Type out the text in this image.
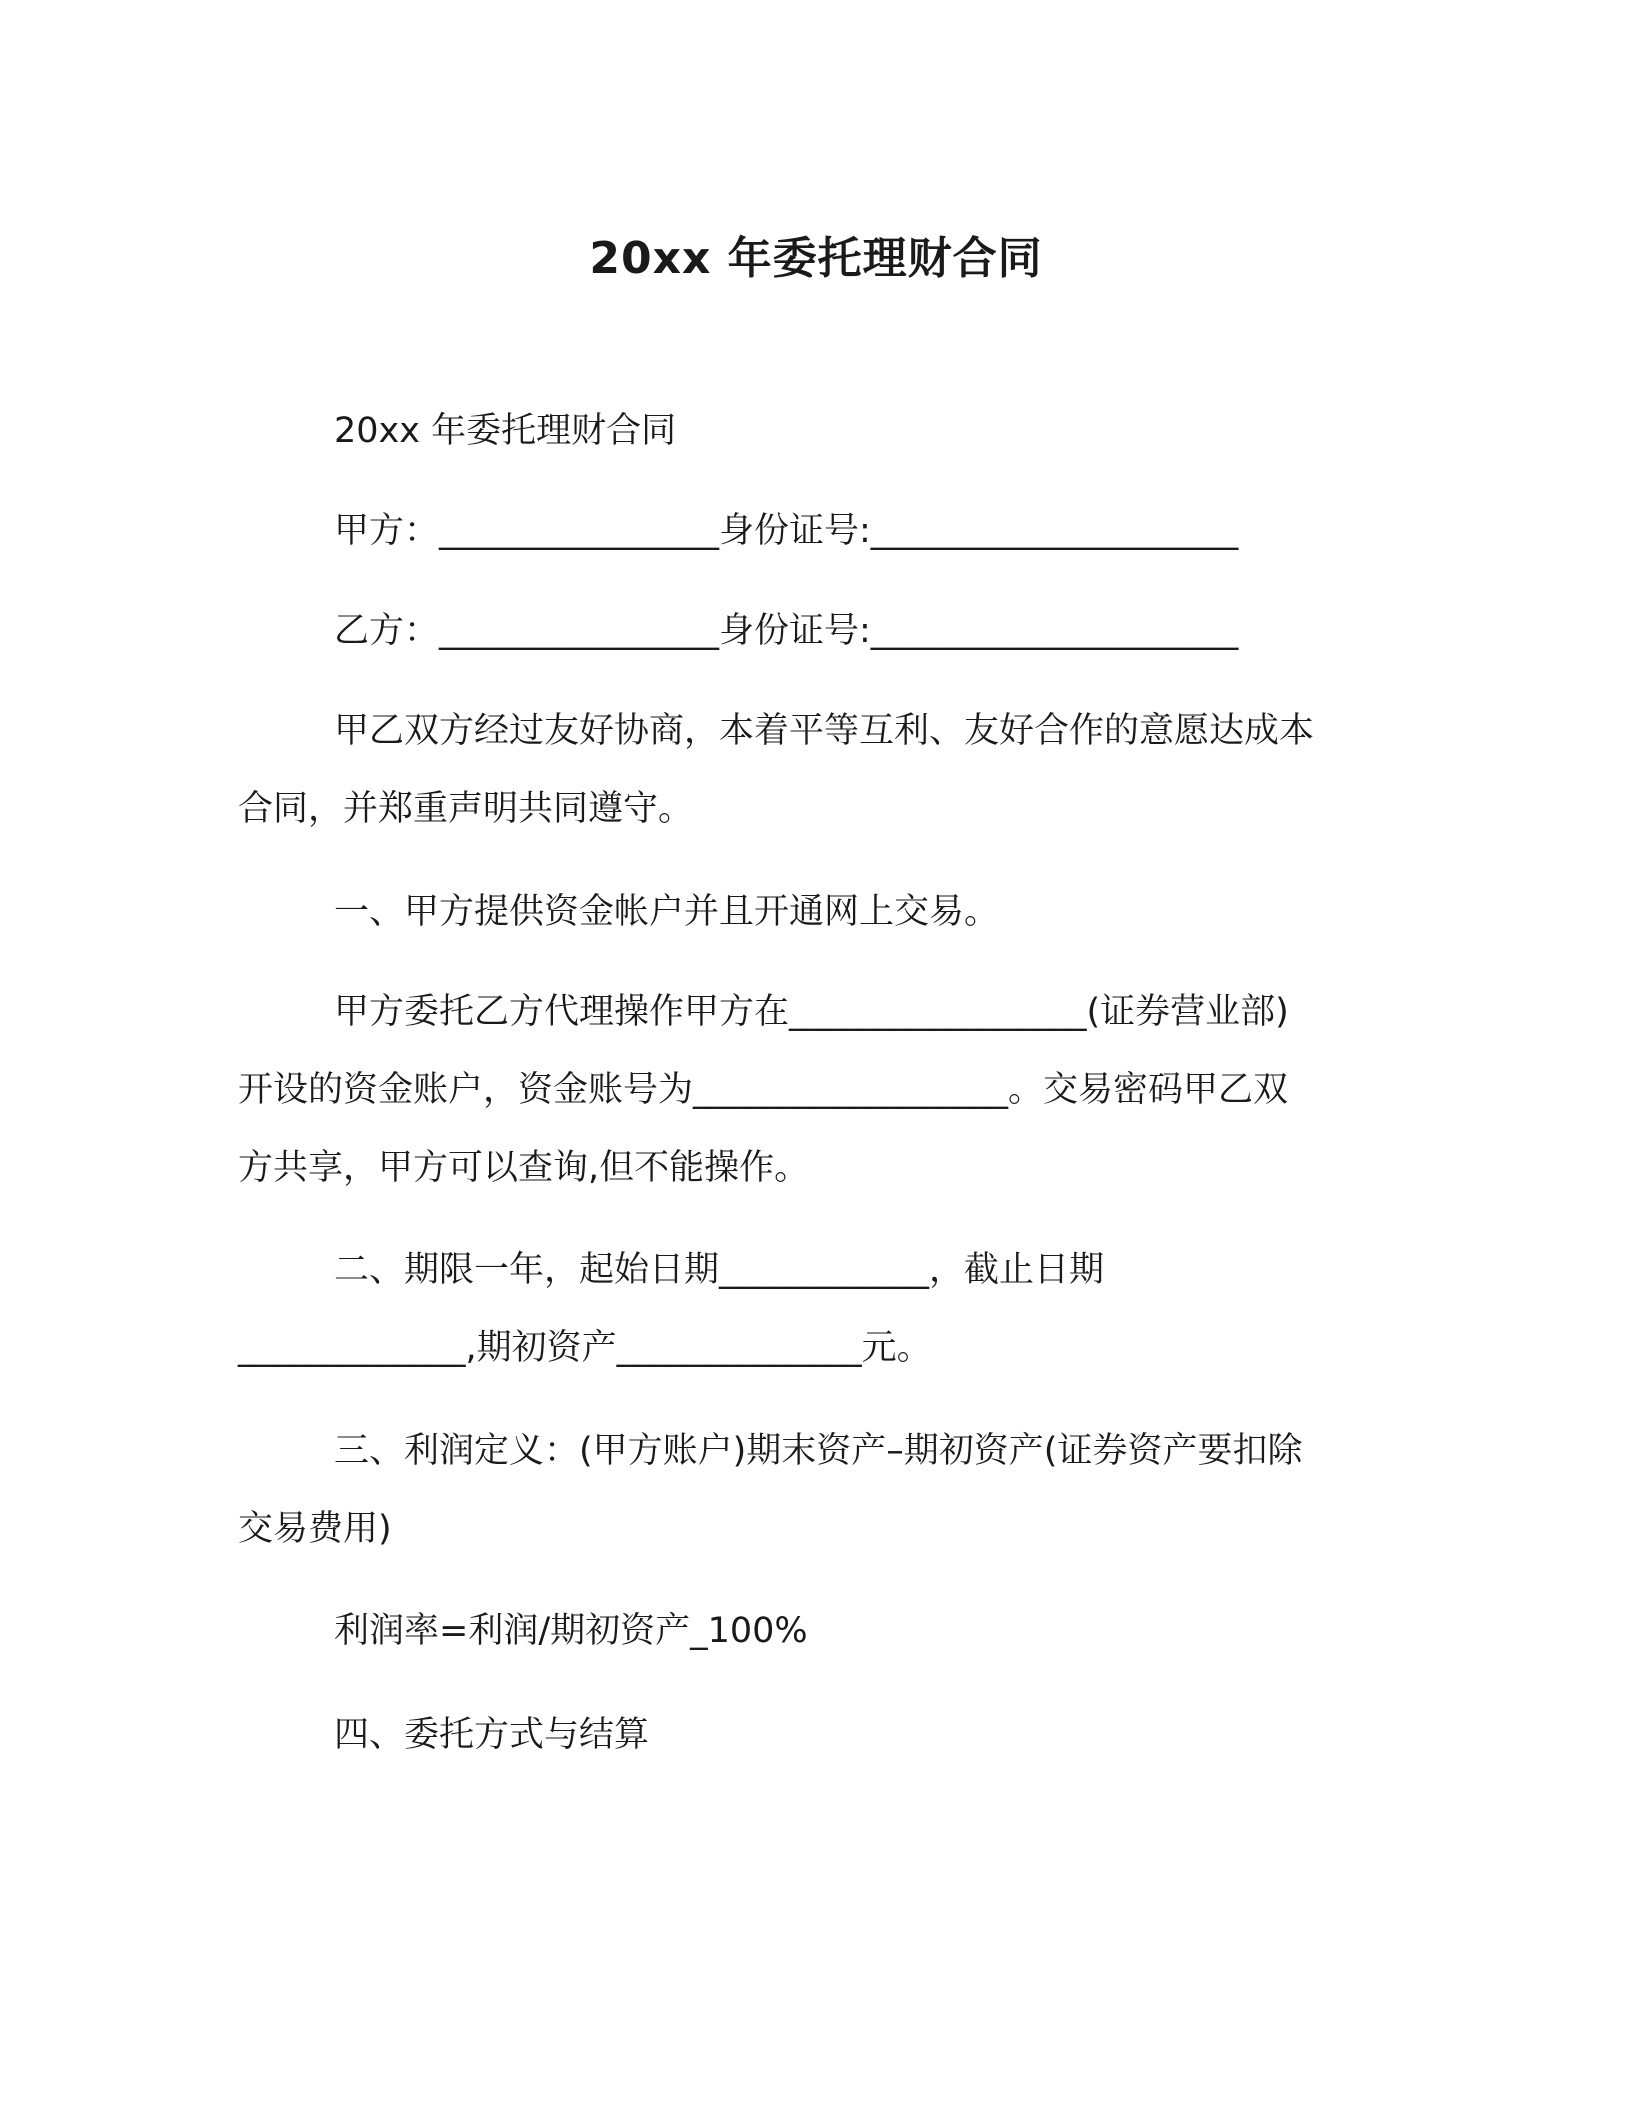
20xx 年委托理财合同

20xx 年委托理财合同

甲方：________________身份证号:_____________________

乙方：________________身份证号:_____________________

甲乙双方经过友好协商，本着平等互利、友好合作的意愿达成本
合同，并郑重声明共同遵守。

一、甲方提供资金帐户并且开通网上交易。

甲方委托乙方代理操作甲方在_________________(证券营业部)
开设的资金账户，资金账号为__________________。交易密码甲乙双
方共享，甲方可以查询,但不能操作。

二、期限一年，起始日期____________，截止日期
_____________,期初资产______________元。

三、利润定义：(甲方账户)期末资产–期初资产(证券资产要扣除
交易费用)

利润率=利润/期初资产_100%

四、委托方式与结算
